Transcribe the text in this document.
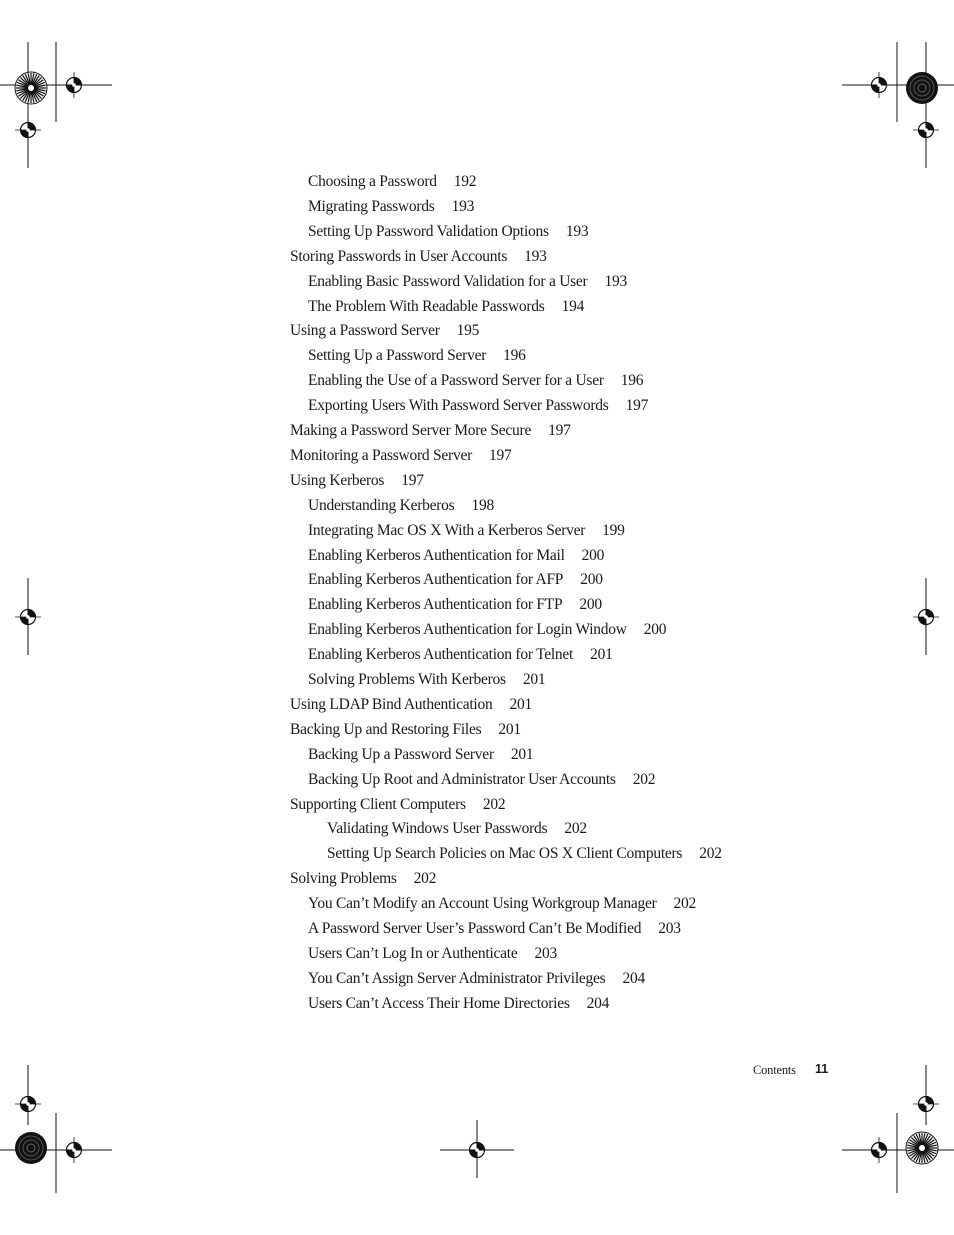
Choosing a Password 192
Migrating Passwords 193
Setting Up Password Validation Options 193
Storing Passwords in User Accounts 193
Enabling Basic Password Validation for a User 193
The Problem With Readable Passwords 194
Using a Password Server 195
Setting Up a Password Server 196
Enabling the Use of a Password Server for a User 196
Exporting Users With Password Server Passwords 197
Making a Password Server More Secure 197
Monitoring a Password Server 197
Using Kerberos 197
Understanding Kerberos 198
Integrating Mac OS X With a Kerberos Server 199
Enabling Kerberos Authentication for Mail 200
Enabling Kerberos Authentication for AFP 200
Enabling Kerberos Authentication for FTP 200
Enabling Kerberos Authentication for Login Window 200
Enabling Kerberos Authentication for Telnet 201
Solving Problems With Kerberos 201
Using LDAP Bind Authentication 201
Backing Up and Restoring Files 201
Backing Up a Password Server 201
Backing Up Root and Administrator User Accounts 202
Supporting Client Computers 202
Validating Windows User Passwords 202
Setting Up Search Policies on Mac OS X Client Computers 202
Solving Problems 202
You Can’t Modify an Account Using Workgroup Manager 202
A Password Server User’s Password Can’t Be Modified 203
Users Can’t Log In or Authenticate 203
You Can’t Assign Server Administrator Privileges 204
Users Can’t Access Their Home Directories 204
Contents 11
